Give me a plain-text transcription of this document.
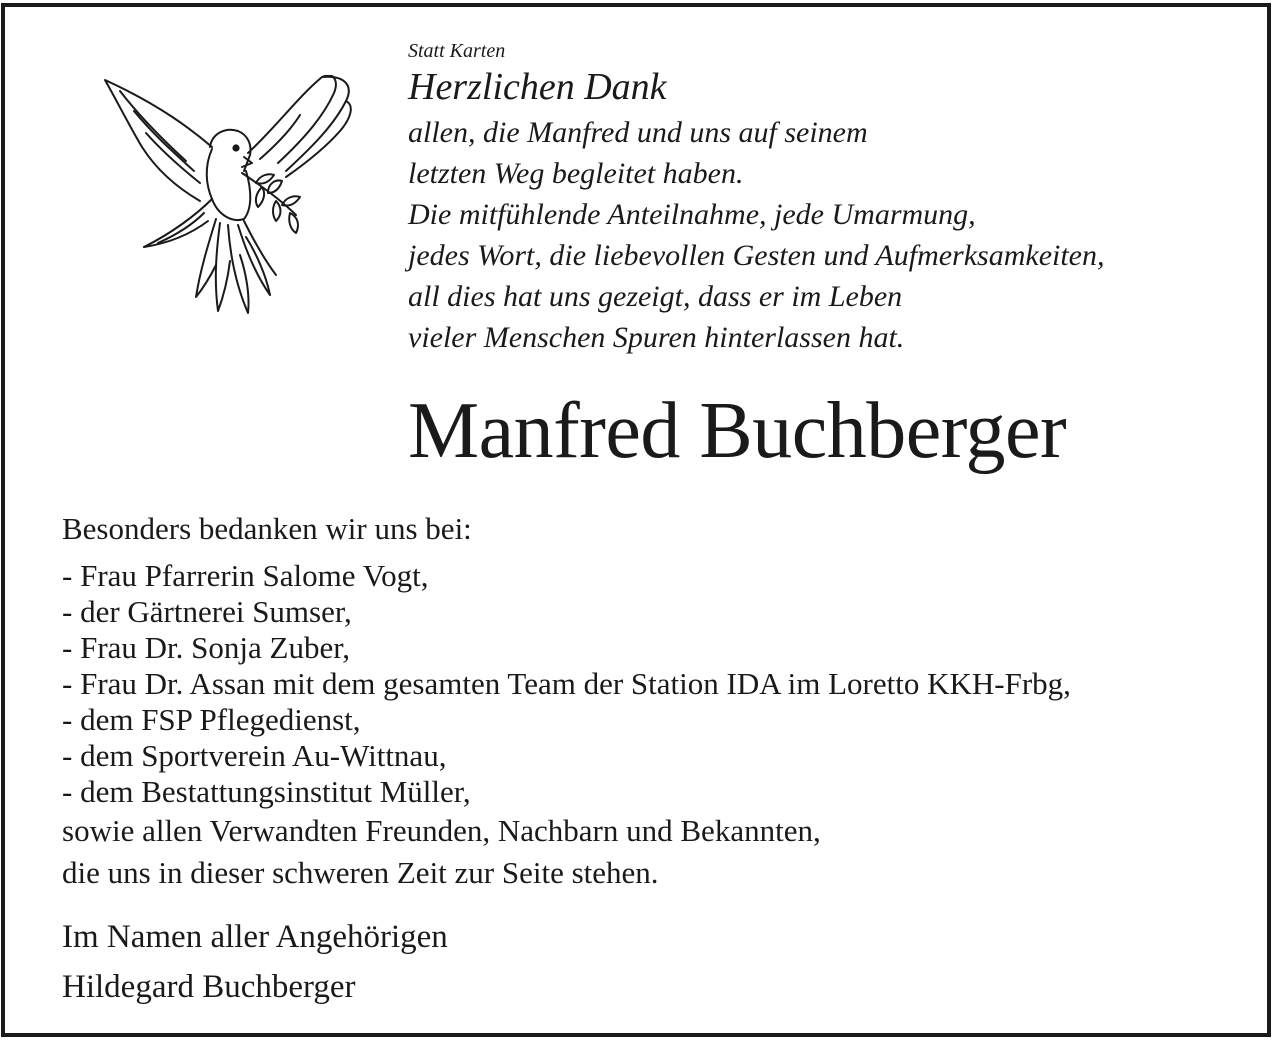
Statt Karten

Herzlichen Dank
allen, die Manfred und uns auf seinem
letzten Weg begleitet haben.
Die mitfühlende Anteilnahme, jede Umarmung,
jedes Wort, die liebevollen Gesten und Aufmerksamkeiten,
all dies hat uns gezeigt, dass er im Leben
vieler Menschen Spuren hinterlassen hat.
Manfred Buchberger

Besonders bedanken wir uns bei:

- Frau Pfarrerin Salome Vogt,
- der Gärtnerei Sumser,
- Frau Dr. Sonja Zuber,
- Frau Dr. Assan mit dem gesamten Team der Station IDA im Loretto KKH-Frbg,
- dem FSP Pflegedienst,
- dem Sportverein Au-Wittnau,
- dem Bestattungsinstitut Müller,
sowie allen Verwandten Freunden, Nachbarn und Bekannten,
die uns in dieser schweren Zeit zur Seite stehen.

Im Namen aller Angehörigen

Hildegard Buchberger
